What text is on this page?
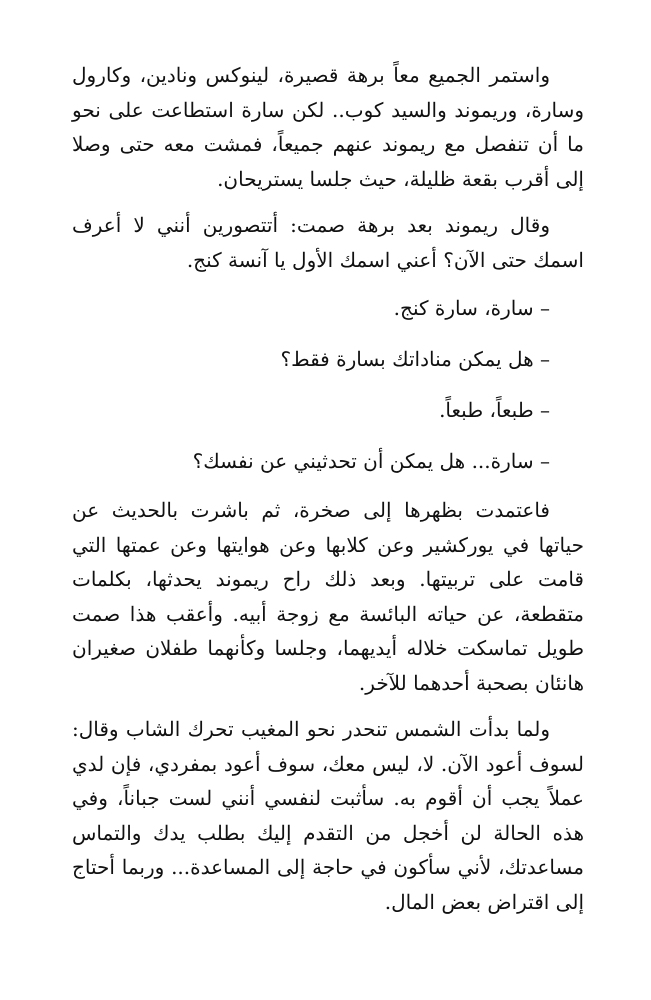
واستمر الجميع معاً برهة قصيرة، لينوكس ونادين، وكارول وسارة، وريموند والسيد كوب.. لكن سارة استطاعت على نحو ما أن تنفصل مع ريموند عنهم جميعاً، فمشت معه حتى وصلا إلى أقرب بقعة ظليلة، حيث جلسا يستريحان.

وقال ريموند بعد برهة صمت: أتتصورين أنني لا أعرف اسمك حتى الآن؟ أعني اسمك الأول يا آنسة كنج.

– سارة، سارة كنج.

– هل يمكن مناداتك بسارة فقط؟

– طبعاً، طبعاً.

– سارة... هل يمكن أن تحدثيني عن نفسك؟

فاعتمدت بظهرها إلى صخرة، ثم باشرت بالحديث عن حياتها في يوركشير وعن كلابها وعن هوايتها وعن عمتها التي قامت على تربيتها. وبعد ذلك راح ريموند يحدثها، بكلمات متقطعة، عن حياته البائسة مع زوجة أبيه. وأعقب هذا صمت طويل تماسكت خلاله أيديهما، وجلسا وكأنهما طفلان صغيران هانئان بصحبة أحدهما للآخر.

ولما بدأت الشمس تنحدر نحو المغيب تحرك الشاب وقال: لسوف أعود الآن. لا، ليس معك، سوف أعود بمفردي، فإن لدي عملاً يجب أن أقوم به. سأثبت لنفسي أنني لست جباناً، وفي هذه الحالة لن أخجل من التقدم إليك بطلب يدك والتماس مساعدتك، لأني سأكون في حاجة إلى المساعدة... وربما أحتاج إلى اقتراض بعض المال.
